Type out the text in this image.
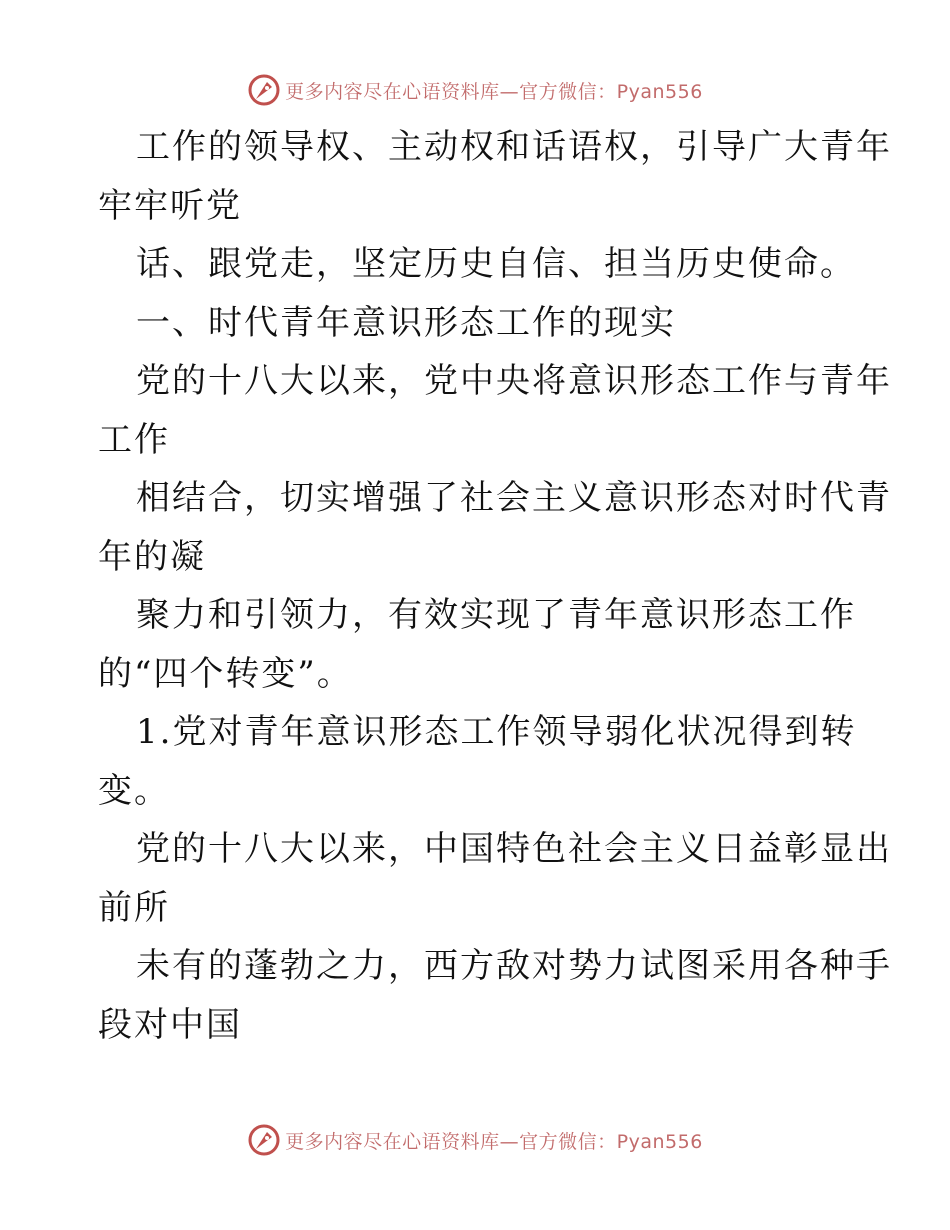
更多内容尽在心语资料库—官方微信：Pyan556

工作的领导权、主动权和话语权，引导广大青年

牢牢听党

话、跟党走，坚定历史自信、担当历史使命。

一、时代青年意识形态工作的现实

党的十八大以来，党中央将意识形态工作与青年

工作

相结合，切实增强了社会主义意识形态对时代青

年的凝

聚力和引领力，有效实现了青年意识形态工作

的“四个转变”。

1.党对青年意识形态工作领导弱化状况得到转

变。

党的十八大以来，中国特色社会主义日益彰显出

前所

未有的蓬勃之力，西方敌对势力试图采用各种手

段对中国

更多内容尽在心语资料库—官方微信：Pyan556
